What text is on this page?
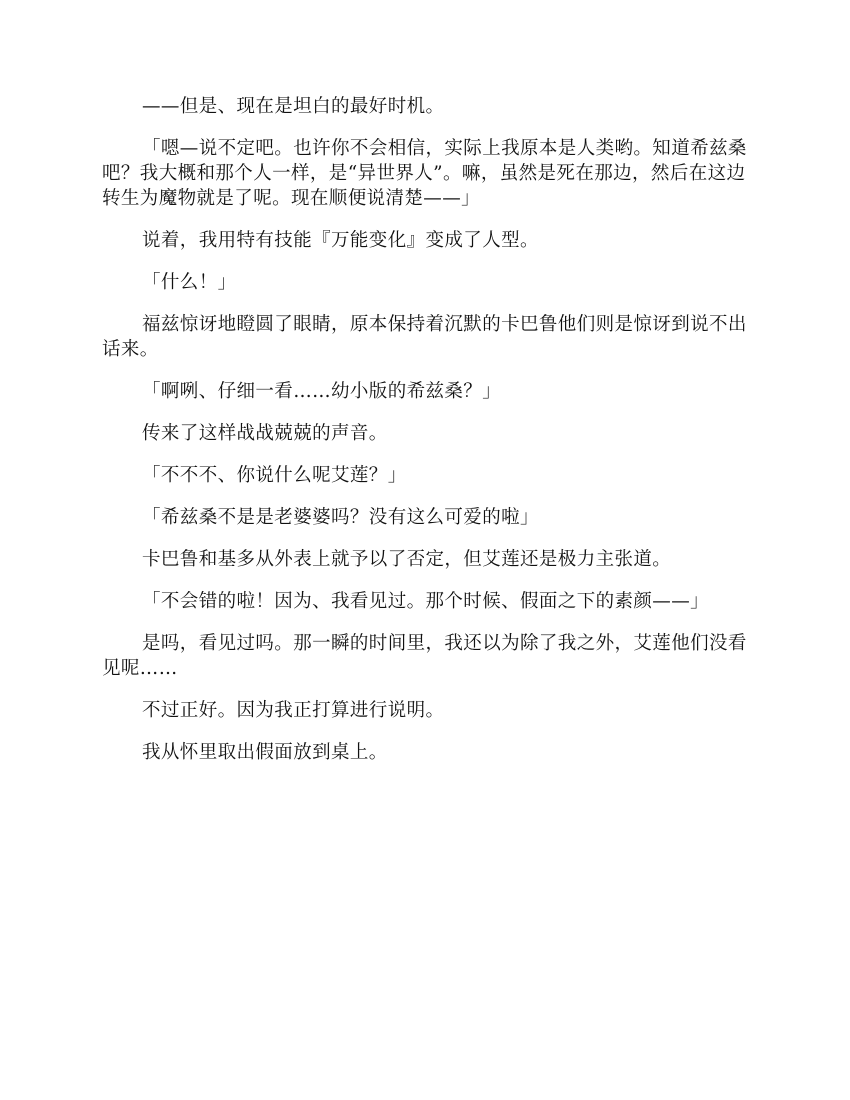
——但是、现在是坦白的最好时机。

「嗯—说不定吧。也许你不会相信，实际上我原本是人类哟。知道希兹桑吧？我大概和那个人一样，是“异世界人”。嘛，虽然是死在那边，然后在这边转生为魔物就是了呢。现在顺便说清楚——」

说着，我用特有技能『万能变化』变成了人型。

「什么！」

福兹惊讶地瞪圆了眼睛，原本保持着沉默的卡巴鲁他们则是惊讶到说不出话来。

「啊咧、仔细一看……幼小版的希兹桑？」

传来了这样战战兢兢的声音。

「不不不、你说什么呢艾莲？」

「希兹桑不是是老婆婆吗？没有这么可爱的啦」

卡巴鲁和基多从外表上就予以了否定，但艾莲还是极力主张道。

「不会错的啦！因为、我看见过。那个时候、假面之下的素颜——」

是吗，看见过吗。那一瞬的时间里，我还以为除了我之外，艾莲他们没看见呢……

不过正好。因为我正打算进行说明。

我从怀里取出假面放到桌上。
